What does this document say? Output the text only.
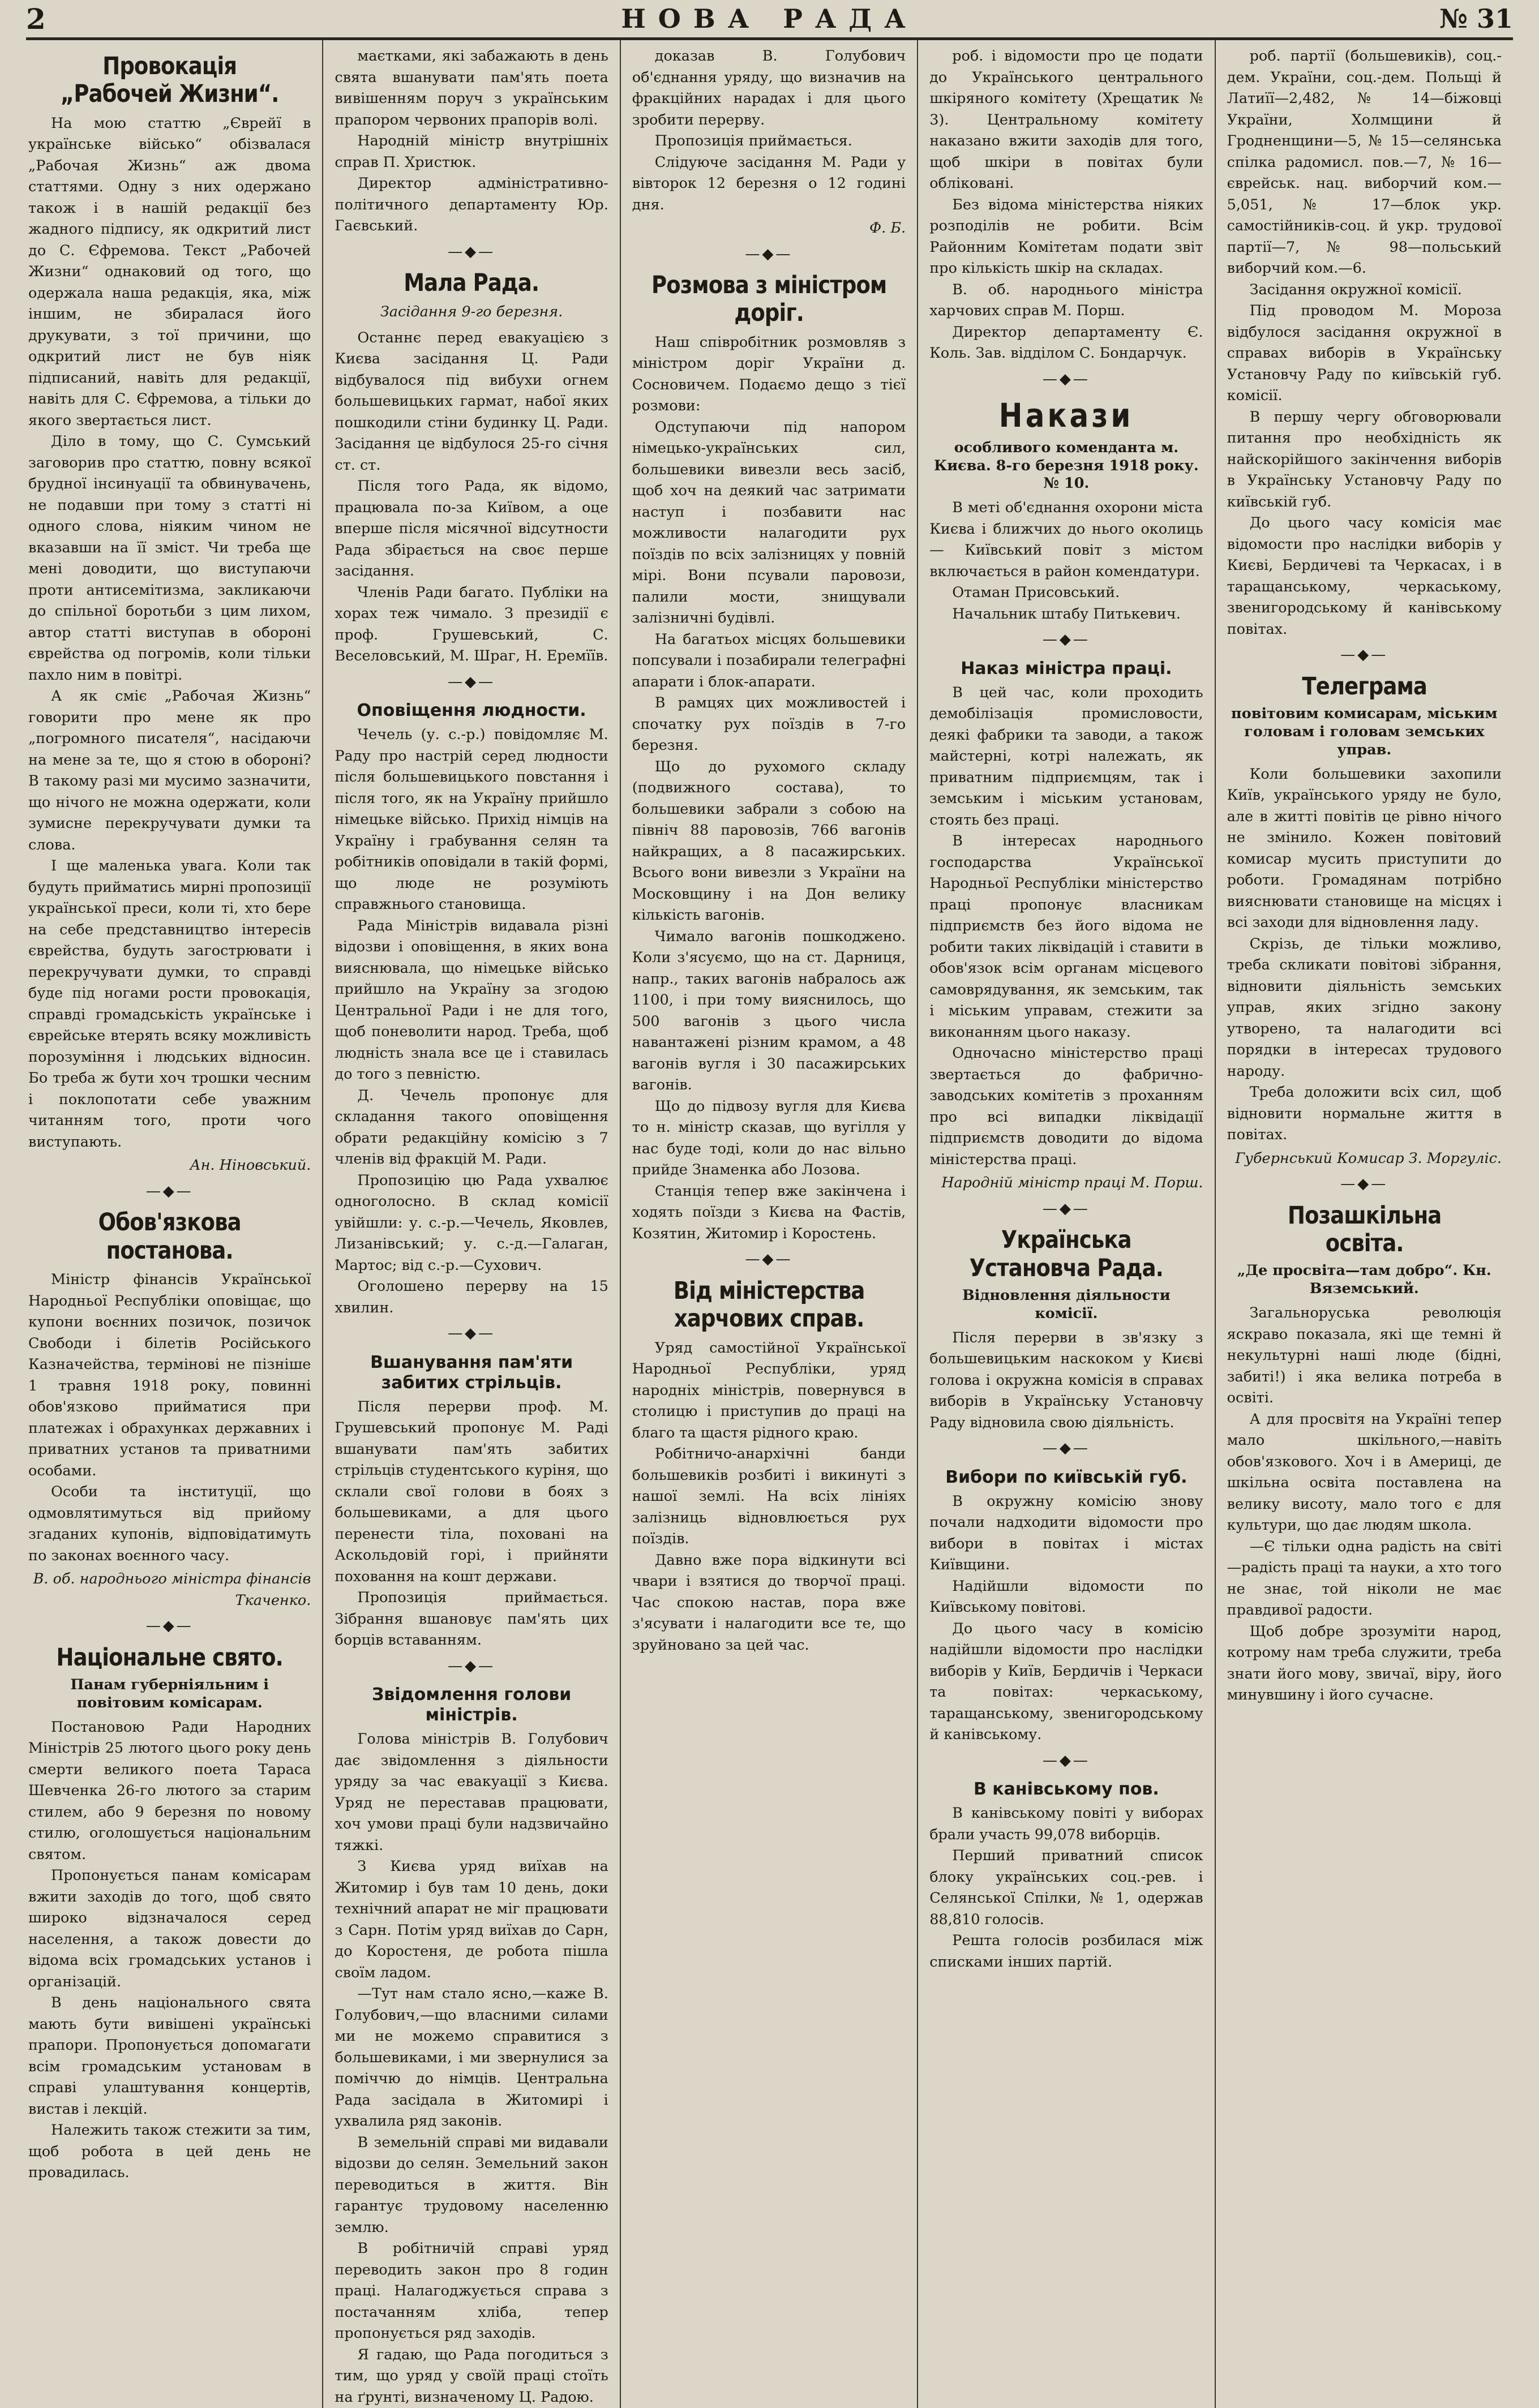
2	НОВА РАДА	№ 31
Провокація „Рабочей Жизни“.

На мою статтю „Єврейї в українське військо“ обізвалася „Рабочая Жизнь“ аж двома статтями. Одну з них одержано також і в нашій редакції без жадного підпису, як одкритий лист до С. Єфремова. Текст „Рабочей Жизни“ однаковий од того, що одержала наша редакція, яка, між іншим, не збиралася його друкувати, з тої причини, що одкритий лист не був ніяк підписаний, навіть для редакції, навіть для С. Єфремова, а тільки до якого звертається лист.

Діло в тому, що С. Сумський заговорив про статтю, повну всякої брудної інсинуації та обвинувачень, не подавши при тому з статті ні одного слова, ніяким чином не вказавши на її зміст. Чи треба ще мені доводити, що виступаючи проти антисемітизма, закликаючи до спільної боротьби з цим лихом, автор статті виступав в обороні єврейства од погромів, коли тільки пахло ним в повітрі.

А як сміє „Рабочая Жизнь“ говорити про мене як про „погромного писателя“, насідаючи на мене за те, що я стою в обороні? В такому разі ми мусимо зазначити, що нічого не можна одержати, коли зумисне перекручувати думки та слова.

І ще маленька увага. Коли так будуть прийматись мирні пропозиції української преси, коли ті, хто бере на себе представництво інтересів єврейства, будуть загострювати і перекручувати думки, то справді буде під ногами рости провокація, справді громадськість українське і єврейське втерять всяку можливість порозуміння і людських відносин. Бо треба ж бути хоч трошки чесним і поклопотати себе уважним читанням того, проти чого виступають.

Ан. Ніновський.

—◆—
Обов'язкова постанова.

Міністр фінансів Української Народньої Республіки оповіщає, що купони воєнних позичок, позичок Свободи і білетів Російського Казначейства, термінові не пізніше 1 травня 1918 року, повинні обов'язково прийматися при платежах і обрахунках державних і приватних установ та приватними особами.

Особи та інституції, що одмовлятимуться від прийому згаданих купонів, відповідатимуть по законах воєнного часу.

В. об. народнього міністра фінансів Ткаченко.

—◆—
Національне свято.
Панам губерніяльним і повітовим комісарам.

Постановою Ради Народних Міністрів 25 лютого цього року день смерти великого поета Тараса Шевченка 26-го лютого за старим стилем, або 9 березня по новому стилю, оголошується національним святом.

Пропонується панам комісарам вжити заходів до того, щоб свято широко відзначалося серед населення, а також довести до відома всіх громадських установ і організацій.

В день національного свята мають бути вивішені українські прапори. Пропонується допомагати всім громадським установам в справі улаштування концертів, вистав і лекцій.

Належить також стежити за тим, щоб робота в цей день не провадилась.

маєтками, які забажають в день свята вшанувати пам'ять поета вивішенням поруч з українським прапором червоних прапорів волі.

Народній міністр внутрішніх справ П. Христюк.

Директор адміністративно-політичного департаменту Юр. Гаєвський.

—◆—
Мала Рада.
Засідання 9-го березня.

Останнє перед евакуацією з Києва засідання Ц. Ради відбувалося під вибухи огнем большевицьких гармат, набої яких пошкодили стіни будинку Ц. Ради. Засідання це відбулося 25-го січня ст. ст.

Після того Рада, як відомо, працювала по-за Київом, а оце вперше після місячної відсутности Рада збірається на своє перше засідання.

Членів Ради багато. Публіки на хорах теж чимало. З президії є проф. Грушевський, С. Веселовський, М. Шраг, Н. Еремїїв.

—◆—
Оповіщення людности.

Чечель (у. с.-р.) повідомляє М. Раду про настрій серед людности після большевицького повстання і після того, як на Україну прийшло німецьке військо. Прихід німців на Україну і грабування селян та робітників оповідали в такій формі, що люде не розуміють справжнього становища.

Рада Міністрів видавала різні відозви і оповіщення, в яких вона вияснювала, що німецьке військо прийшло на Україну за згодою Центральної Ради і не для того, щоб поневолити народ. Треба, щоб людність знала все це і ставилась до того з певністю.

Д. Чечель пропонує для складання такого оповіщення обрати редакційну комісію з 7 членів від фракцій М. Ради.

Пропозицію цю Рада ухвалює одноголосно. В склад комісії увійшли: у. с.-р.—Чечель, Яковлев, Лизанівський; у. с.-д.—Галаган, Мартос; від с.-р.—Сухович.

Оголошено перерву на 15 хвилин.

—◆—
Вшанування пам'яти забитих стрільців.

Після перерви проф. М. Грушевський пропонує М. Раді вшанувати пам'ять забитих стрільців студентського куріня, що склали свої голови в боях з большевиками, а для цього перенести тіла, поховані на Аскольдовій горі, і прийняти поховання на кошт держави.

Пропозиція приймається. Зібрання вшановує пам'ять цих борців вставанням.

—◆—
Звідомлення голови міністрів.

Голова міністрів В. Голубович дає звідомлення з діяльности уряду за час евакуації з Києва. Уряд не переставав працювати, хоч умови праці були надзвичайно тяжкі.

З Києва уряд виїхав на Житомир і був там 10 день, доки технічний апарат не міг працювати з Сарн. Потім уряд виїхав до Сарн, до Коростеня, де робота пішла своїм ладом.

—Тут нам стало ясно,—каже В. Голубович,—що власними силами ми не можемо справитися з большевиками, і ми звернулися за поміччю до німців. Центральна Рада засідала в Житомирі і ухвалила ряд законів.

В земельній справі ми видавали відозви до селян. Земельний закон переводиться в життя. Він гарантує трудовому населенню землю.

В робітничій справі уряд переводить закон про 8 годин праці. Налагоджується справа з постачанням хліба, тепер пропонується ряд заходів.

Я гадаю, що Рада погодиться з тим, що уряд у своїй праці стоїть на ґрунті, визначеному Ц. Радою.

доказав В. Голубович об'єднання уряду, що визначив на фракційних нарадах і для цього зробити перерву.

Пропозиція приймається.

Слідуюче засідання М. Ради у вівторок 12 березня о 12 годині дня.

Ф. Б.

—◆—
Розмова з міністром доріг.

Наш співробітник розмовляв з міністром доріг України д. Сосновичем. Подаємо дещо з тієї розмови:

Одступаючи під напором німецько-українських сил, большевики вивезли весь засіб, щоб хоч на деякий час затримати наступ і позбавити нас можливости налагодити рух поїздів по всіх залізницях у повній мірі. Вони псували паровози, палили мости, знищували залізничні будівлі.

На багатьох місцях большевики попсували і позабирали телеграфні апарати і блок-апарати.

В рамцях цих можливостей і спочатку рух поїздів в 7-го березня.

Що до рухомого складу (подвижного состава), то большевики забрали з собою на північ 88 паровозів, 766 вагонів найкращих, а 8 пасажирських. Всього вони вивезли з України на Московщину і на Дон велику кількість вагонів.

Чимало вагонів пошкоджено. Коли з'ясуємо, що на ст. Дарниця, напр., таких вагонів набралось аж 1100, і при тому вияснилось, що 500 вагонів з цього числа навантажені різним крамом, а 48 вагонів вугля і 30 пасажирських вагонів.

Що до підвозу вугля для Києва то н. міністр сказав, що вугілля у нас буде тоді, коли до нас вільно прийде Знаменка або Лозова.

Станція тепер вже закінчена і ходять поїзди з Києва на Фастів, Козятин, Житомир і Коростень.

—◆—
Від міністерства харчових справ.

Уряд самостійної Української Народньої Республіки, уряд народніх міністрів, повернувся в столицю і приступив до праці на благо та щастя рідного краю.

Робітничо-анархічні банди большевиків розбиті і викинуті з нашої землі. На всіх лініях залізниць відновлюється рух поїздів.

Давно вже пора відкинути всі чвари і взятися до творчої праці. Час спокою настав, пора вже з'ясувати і налагодити все те, що зруйновано за цей час.

роб. і відомости про це подати до Українського центрального шкіряного комітету (Хрещатик № 3). Центральному комітету наказано вжити заходів для того, щоб шкіри в повітах були обліковані.

Без відома міністерства ніяких розподілів не робити. Всім Районним Комітетам подати звіт про кількість шкір на складах.

В. об. народнього міністра харчових справ М. Порш.

Директор департаменту Є. Коль. Зав. відділом С. Бондарчук.

—◆—
Накази
особливого коменданта м. Києва. 8-го березня 1918 року. № 10.

В меті об'єднання охорони міста Києва і ближчих до нього околиць — Київський повіт з містом включається в район комендатури.

Отаман Присовський.

Начальник штабу Питькевич.

—◆—
Наказ міністра праці.

В цей час, коли проходить демобілізація промисловости, деякі фабрики та заводи, а також майстерні, котрі належать, як приватним підприємцям, так і земським і міським установам, стоять без праці.

В інтересах народнього господарства Української Народньої Республіки міністерство праці пропонує власникам підприємств без його відома не робити таких ліквідацій і ставити в обов'язок всім органам місцевого самоврядування, як земським, так і міським управам, стежити за виконанням цього наказу.

Одночасно міністерство праці звертається до фабрично-заводських комітетів з проханням про всі випадки ліквідації підприємств доводити до відома міністерства праці.

Народній міністр праці М. Порш.

—◆—
Українська Установча Рада.
Відновлення діяльности комісії.

Після перерви в зв'язку з большевицьким наскоком у Києві голова і окружна комісія в справах виборів в Українську Установчу Раду відновила свою діяльність.

—◆—
Вибори по київській губ.

В окружну комісію знову почали надходити відомости про вибори в повітах і містах Київщини.

Надійшли відомости по Київському повітові.

До цього часу в комісію надійшли відомости про наслідки виборів у Київ, Бердичів і Черкаси та повітах: черкаському, таращанському, звенигородському й канівському.

—◆—
В канівському пов.

В канівському повіті у виборах брали участь 99,078 виборців.

Перший приватний список блоку українських соц.-рев. і Селянської Спілки, № 1, одержав 88,810 голосів.

Решта голосів розбилася між списками інших партій.

роб. партії (большевиків), соц.-дем. України, соц.-дем. Польщі й Латиїї—2,482, № 14—біжовці України, Холмщини й Гродненщини—5, № 15—селянська спілка радомисл. пов.—7, № 16—єврейськ. нац. виборчий ком.—5,051, № 17—блок укр. самостійників-соц. й укр. трудової партії—7, № 98—польський виборчий ком.—6.

Засідання окружної комісії.

Під проводом М. Мороза відбулося засідання окружної в справах виборів в Українську Установчу Раду по київській губ. комісії.

В першу чергу обговорювали питання про необхідність як найскорійшого закінчення виборів в Українську Установчу Раду по київській губ.

До цього часу комісія має відомости про наслідки виборів у Києві, Бердичеві та Черкасах, і в таращанському, черкаському, звенигородському й канівському повітах.

—◆—
Телеграма
повітовим комисарам, міським головам і головам земських управ.

Коли большевики захопили Київ, українського уряду не було, але в житті повітів це рівно нічого не змінило. Кожен повітовий комисар мусить приступити до роботи. Громадянам потрібно вияснювати становище на місцях і всі заходи для відновлення ладу.

Скрізь, де тільки можливо, треба скликати повітові зібрання, відновити діяльність земських управ, яких згідно закону утворено, та налагодити всі порядки в інтересах трудового народу.

Треба доложити всіх сил, щоб відновити нормальне життя в повітах.

Губернський Комисар З. Моргуліс.

—◆—
Позашкільна освіта.
„Де просвіта—там добро“. Кн. Вяземський.

Загальноруська революція яскраво показала, які ще темні й некультурні наші люде (бідні, забиті!) і яка велика потреба в освіті.

А для просвітя на Україні тепер мало шкільного,—навіть обов'язкового. Хоч і в Америці, де шкільна освіта поставлена на велику висоту, мало того є для культури, що дає людям школа.

—Є тільки одна радість на світі—радість праці та науки, а хто того не знає, той ніколи не має правдивої радости.

Щоб добре зрозуміти народ, котрому нам треба служити, треба знати його мову, звичаї, віру, його минувшину і його сучасне.
